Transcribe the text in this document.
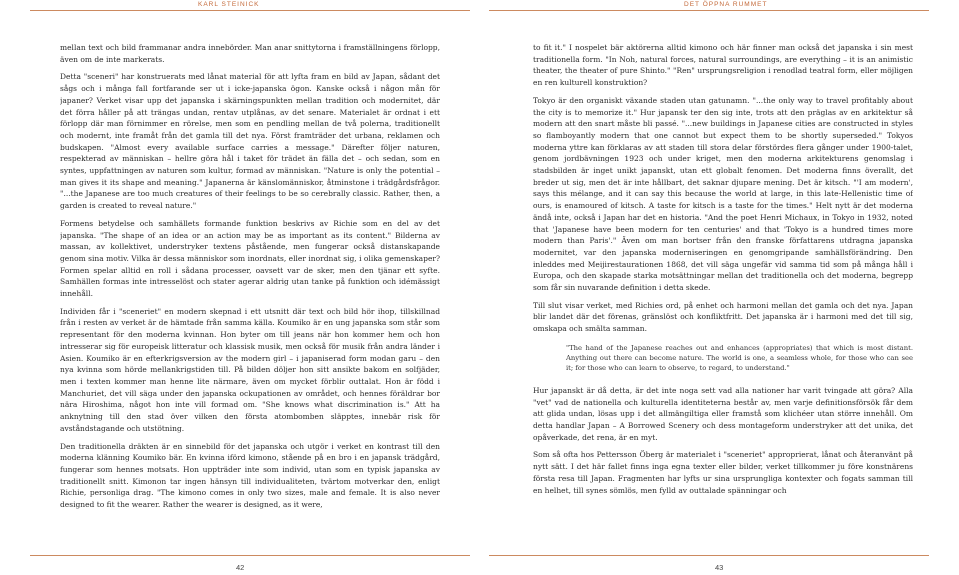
KARL STEINICK	DET ÖPPNA RUMMET

mellan text och bild frammanar andra innebörder. Man anar snittytorna i framställningens förlopp, även om de inte markerats.

Detta "sceneri" har konstruerats med lånat material för att lyfta fram en bild av Japan, sådant det sågs och i många fall fortfarande ser ut i icke-japanska ögon. Kanske också i någon mån för japaner? Verket visar upp det japanska i skärningspunkten mellan tradition och modernitet, där det förra håller på att trängas undan, rentav utplånas, av det senare. Materialet är ordnat i ett förlopp där man förnimmer en rörelse, men som en pendling mellan de två polerna, traditionellt och modernt, inte framåt från det gamla till det nya. Först framträder det urbana, reklamen och budskapen. "Almost every available surface carries a message." Därefter följer naturen, respekterad av människan – hellre göra hål i taket för trädet än fälla det – och sedan, som en syntes, uppfattningen av naturen som kultur, formad av människan. "Nature is only the potential – man gives it its shape and meaning." Japanerna är känslomänniskor, åtminstone i trädgårdsfrågor. "...the Japanese are too much creatures of their feelings to be so cerebrally classic. Rather, then, a garden is created to reveal nature."

Formens betydelse och samhällets formande funktion beskrivs av Richie som en del av det japanska. "The shape of an idea or an action may be as important as its content." Bilderna av massan, av kollektivet, understryker textens påstående, men fungerar också distanskapande genom sina motiv. Vilka är dessa människor som inordnats, eller inordnat sig, i olika gemenskaper? Formen spelar alltid en roll i sådana processer, oavsett var de sker, men den tjänar ett syfte. Samhällen formas inte intresselöst och stater agerar aldrig utan tanke på funktion och idémässigt innehåll.

Individen får i "sceneriet" en modern skepnad i ett utsnitt där text och bild hör ihop, tillskillnad från i resten av verket är de hämtade från samma källa. Koumiko är en ung japanska som står som representant för den moderna kvinnan. Hon byter om till jeans när hon kommer hem och hon intresserar sig för europeisk litteratur och klassisk musik, men också för musik från andra länder i Asien. Koumiko är en efterkrigsversion av the modern girl – i japaniserad form modan garu – den nya kvinna som hörde mellankrigstiden till. På bilden döljer hon sitt ansikte bakom en solfjäder, men i texten kommer man henne lite närmare, även om mycket förblir outtalat. Hon är född i Manchuriet, det vill säga under den japanska ockupationen av området, och hennes föräldrar bor nära Hiroshima, något hon inte vill formad om. "She knows what discrimination is." Att ha anknytning till den stad över vilken den första atombomben släpptes, innebär risk för avståndstagande och utstötning.

Den traditionella dräkten är en sinnebild för det japanska och utgör i verket en kontrast till den moderna klänning Koumiko bär. En kvinna iförd kimono, stående på en bro i en japansk trädgård, fungerar som hennes motsats. Hon uppträder inte som individ, utan som en typisk japanska av traditionellt snitt. Kimonon tar ingen hänsyn till individualiteten, tvärtom motverkar den, enligt Richie, personliga drag. "The kimono comes in only two sizes, male and female. It is also never designed to fit the wearer. Rather the wearer is designed, as it were,

to fit it." I nospelet bär aktörerna alltid kimono och här finner man också det japanska i sin mest traditionella form. "In Noh, natural forces, natural surroundings, are everything – it is an animistic theater, the theater of pure Shinto." "Ren" ursprungsreligion i renodlad teatral form, eller möjligen en ren kulturell konstruktion?

Tokyo är den organiskt växande staden utan gatunamn. "...the only way to travel profitably about the city is to memorize it." Hur japansk ter den sig inte, trots att den präglas av en arkitektur så modern att den snart måste bli passé. "...new buildings in Japanese cities are constructed in styles so flamboyantly modern that one cannot but expect them to be shortly superseded." Tokyos moderna yttre kan förklaras av att staden till stora delar förstördes flera gånger under 1900-talet, genom jordbävningen 1923 och under kriget, men den moderna arkitekturens genomslag i stadsbilden är inget unikt japanskt, utan ett globalt fenomen. Det moderna finns överallt, det breder ut sig, men det är inte hållbart, det saknar djupare mening. Det är kitsch. "'I am modern', says this mélange, and it can say this because the world at large, in this late-Hellenistic time of ours, is enamoured of kitsch. A taste for kitsch is a taste for the times." Helt nytt är det moderna ändå inte, också i Japan har det en historia. "And the poet Henri Michaux, in Tokyo in 1932, noted that 'Japanese have been modern for ten centuries' and that 'Tokyo is a hundred times more modern than Paris'." Även om man bortser från den franske författarens utdragna japanska modernitet, var den japanska moderniseringen en genomgripande samhällsförändring. Den inleddes med Meijirestaurationen 1868, det vill säga ungefär vid samma tid som på många håll i Europa, och den skapade starka motsättningar mellan det traditionella och det moderna, begrepp som får sin nuvarande definition i detta skede.

Till slut visar verket, med Richies ord, på enhet och harmoni mellan det gamla och det nya. Japan blir landet där det förenas, gränslöst och konfliktfritt. Det japanska är i harmoni med det till sig, omskapa och smälta samman.

"The hand of the Japanese reaches out and enhances (appropriates) that which is most distant. Anything out there can become nature. The world is one, a seamless whole, for those who can see it; for those who can learn to observe, to regard, to understand."

Hur japanskt är då detta, är det inte noga sett vad alla nationer har varit tvingade att göra? Alla "vet" vad de nationella och kulturella identiteterna består av, men varje definitionsförsök får dem att glida undan, lösas upp i det allmängiltiga eller framstå som klichéer utan större innehåll. Om detta handlar Japan – A Borrowed Scenery och dess montageform understryker att det unika, det opåverkade, det rena, är en myt.

Som så ofta hos Pettersson Öberg är materialet i "sceneriet" approprierat, lånat och återanvänt på nytt sätt. I det här fallet finns inga egna texter eller bilder, verket tillkommer ju före konstnärens första resa till Japan. Fragmenten har lyfts ur sina ursprungliga kontexter och fogats samman till en helhet, till synes sömlös, men fylld av outtalade spänningar och

42	43
